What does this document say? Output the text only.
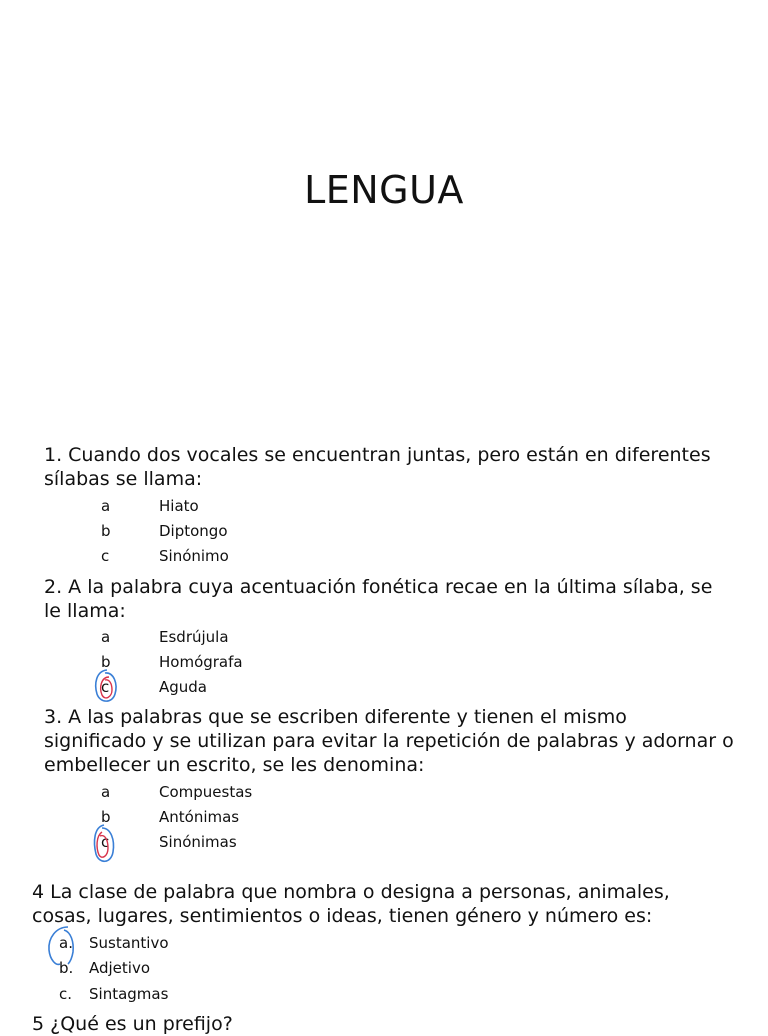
LENGUA

1. Cuando dos vocales se encuentran juntas, pero están en diferentes sílabas se llama:

a	Hiato
b	Diptongo
c	Sinónimo

2. A la palabra cuya acentuación fonética recae en la última sílaba, se le llama:

a	Esdrújula
b	Homógrafa
c	Aguda

3. A las palabras que se escriben diferente y tienen el mismo significado y se utilizan para evitar la repetición de palabras y adornar o embellecer un escrito, se les denomina:

a	Compuestas
b	Antónimas
c	Sinónimas

4 La clase de palabra que nombra o designa a personas, animales, cosas, lugares, sentimientos o ideas, tienen género y número es:

a. Sustantivo
b. Adjetivo
c. Sintagmas

5 ¿Qué es un prefijo?
